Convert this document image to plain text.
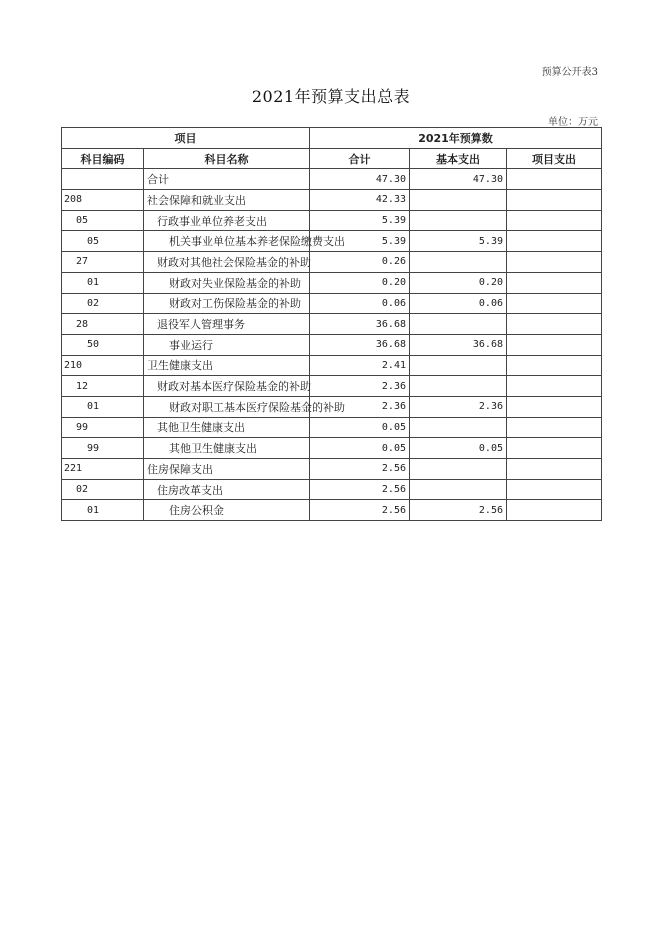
预算公开表3
2021年预算支出总表
单位：万元
项目		2021年预算数		
科目编码	科目名称	合计	基本支出	项目支出
	合计	47.30	47.30	
208	社会保障和就业支出	42.33		
05	行政事业单位养老支出	5.39		
05	机关事业单位基本养老保险缴费支出	5.39	5.39	
27	财政对其他社会保险基金的补助	0.26		
01	财政对失业保险基金的补助	0.20	0.20	
02	财政对工伤保险基金的补助	0.06	0.06	
28	退役军人管理事务	36.68		
50	事业运行	36.68	36.68	
210	卫生健康支出	2.41		
12	财政对基本医疗保险基金的补助	2.36		
01	财政对职工基本医疗保险基金的补助	2.36	2.36	
99	其他卫生健康支出	0.05		
99	其他卫生健康支出	0.05	0.05	
221	住房保障支出	2.56		
02	住房改革支出	2.56		
01	住房公积金	2.56	2.56	
